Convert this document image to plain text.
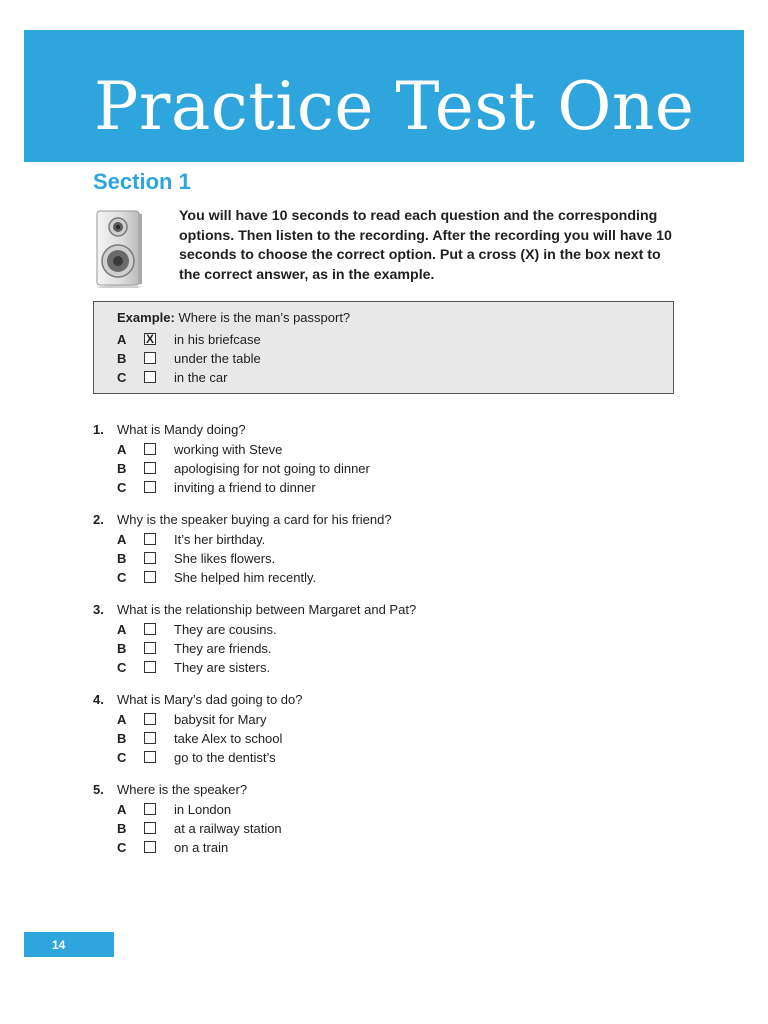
Practice Test One
Section 1
You will have 10 seconds to read each question and the corresponding options. Then listen to the recording. After the recording you will have 10 seconds to choose the correct option. Put a cross (X) in the box next to the correct answer, as in the example.
Example: Where is the man’s passport?
A	X in his briefcase
B	under the table
C	in the car
1. What is Mandy doing?
A	working with Steve
B	apologising for not going to dinner
C	inviting a friend to dinner
2. Why is the speaker buying a card for his friend?
A	It’s her birthday.
B	She likes flowers.
C	She helped him recently.
3. What is the relationship between Margaret and Pat?
A	They are cousins.
B	They are friends.
C	They are sisters.
4. What is Mary’s dad going to do?
A	babysit for Mary
B	take Alex to school
C	go to the dentist’s
5. Where is the speaker?
A	in London
B	at a railway station
C	on a train
14
